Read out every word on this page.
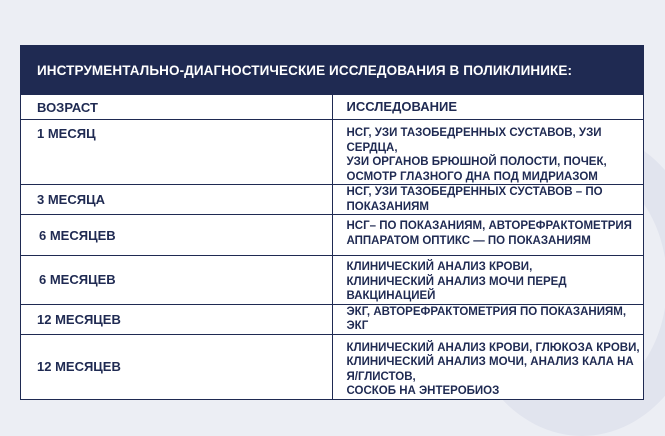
ИНСТРУМЕНТАЛЬНО-ДИАГНОСТИЧЕСКИЕ ИССЛЕДОВАНИЯ В ПОЛИКЛИНИКЕ:	
ВОЗРАСТ	ИССЛЕДОВАНИЕ
1 МЕСЯЦ	НСГ, УЗИ ТАЗОБЕДРЕННЫХ СУСТАВОВ, УЗИ СЕРДЦА,
УЗИ ОРГАНОВ БРЮШНОЙ ПОЛОСТИ, ПОЧЕК,
ОСМОТР ГЛАЗНОГО ДНА ПОД МИДРИАЗОМ

3 МЕСЯЦА	НСГ, УЗИ ТАЗОБЕДРЕННЫХ СУСТАВОВ – ПО ПОКАЗАНИЯМ

6 МЕСЯЦЕВ	НСГ– ПО ПОКАЗАНИЯМ, АВТОРЕФРАКТОМЕТРИЯ
АППАРАТОМ ОПТИКС — ПО ПОКАЗАНИЯМ

6 МЕСЯЦЕВ	КЛИНИЧЕСКИЙ АНАЛИЗ КРОВИ,
КЛИНИЧЕСКИЙ АНАЛИЗ МОЧИ ПЕРЕД ВАКЦИНАЦИЕЙ

12 МЕСЯЦЕВ	ЭКГ, АВТОРЕФРАКТОМЕТРИЯ ПО ПОКАЗАНИЯМ, ЭКГ

12 МЕСЯЦЕВ	КЛИНИЧЕСКИЙ АНАЛИЗ КРОВИ, ГЛЮКОЗА КРОВИ,
КЛИНИЧЕСКИЙ АНАЛИЗ МОЧИ, АНАЛИЗ КАЛА НА Я/ГЛИСТОВ,
СОСКОБ НА ЭНТЕРОБИОЗ
